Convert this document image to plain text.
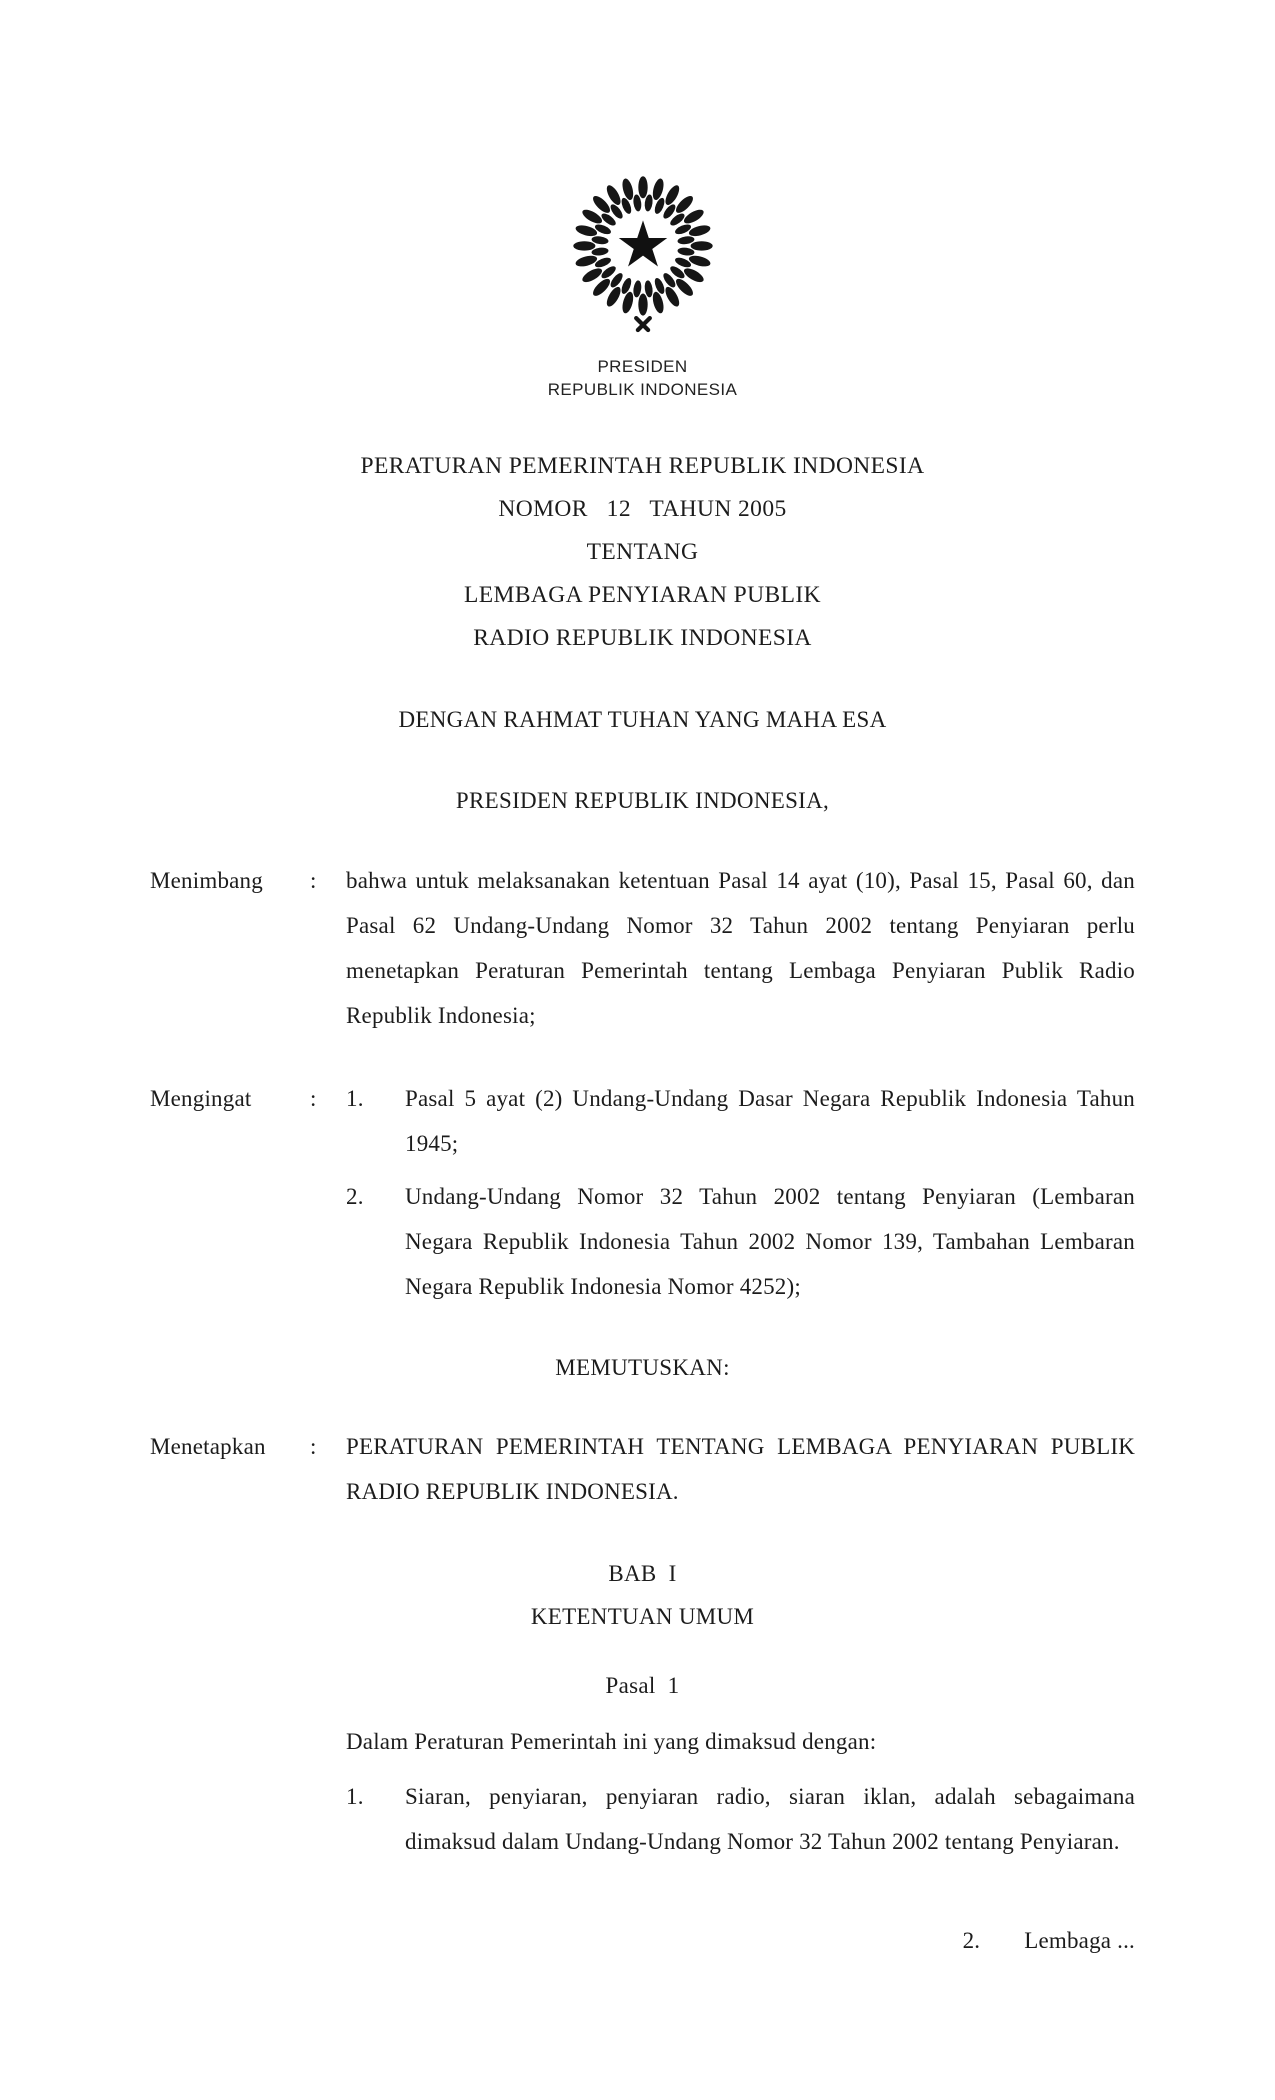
PRESIDEN
REPUBLIK INDONESIA
PERATURAN PEMERINTAH REPUBLIK INDONESIA
NOMOR   12   TAHUN 2005
TENTANG
LEMBAGA PENYIARAN PUBLIK
RADIO REPUBLIK INDONESIA
DENGAN RAHMAT TUHAN YANG MAHA ESA
PRESIDEN REPUBLIK INDONESIA,
Menimbang	:	bahwa untuk melaksanakan ketentuan Pasal 14 ayat (10), Pasal 15, Pasal 60, dan Pasal 62 Undang-Undang Nomor 32 Tahun 2002 tentang Penyiaran perlu menetapkan Peraturan Pemerintah tentang Lembaga Penyiaran Publik Radio Republik Indonesia;
Mengingat	:	1.	Pasal 5 ayat (2) Undang-Undang Dasar Negara Republik Indonesia Tahun 1945;
2.	Undang-Undang Nomor 32 Tahun 2002 tentang Penyiaran (Lembaran Negara Republik Indonesia Tahun 2002 Nomor 139, Tambahan Lembaran Negara Republik Indonesia Nomor 4252);
MEMUTUSKAN:
Menetapkan	:	PERATURAN PEMERINTAH TENTANG LEMBAGA PENYIARAN PUBLIK RADIO REPUBLIK INDONESIA.
BAB  I
KETENTUAN UMUM
Pasal  1
Dalam Peraturan Pemerintah ini yang dimaksud dengan:
1.	Siaran, penyiaran, penyiaran radio, siaran iklan, adalah sebagaimana dimaksud dalam Undang-Undang Nomor 32 Tahun 2002 tentang Penyiaran.
2. Lembaga ...
